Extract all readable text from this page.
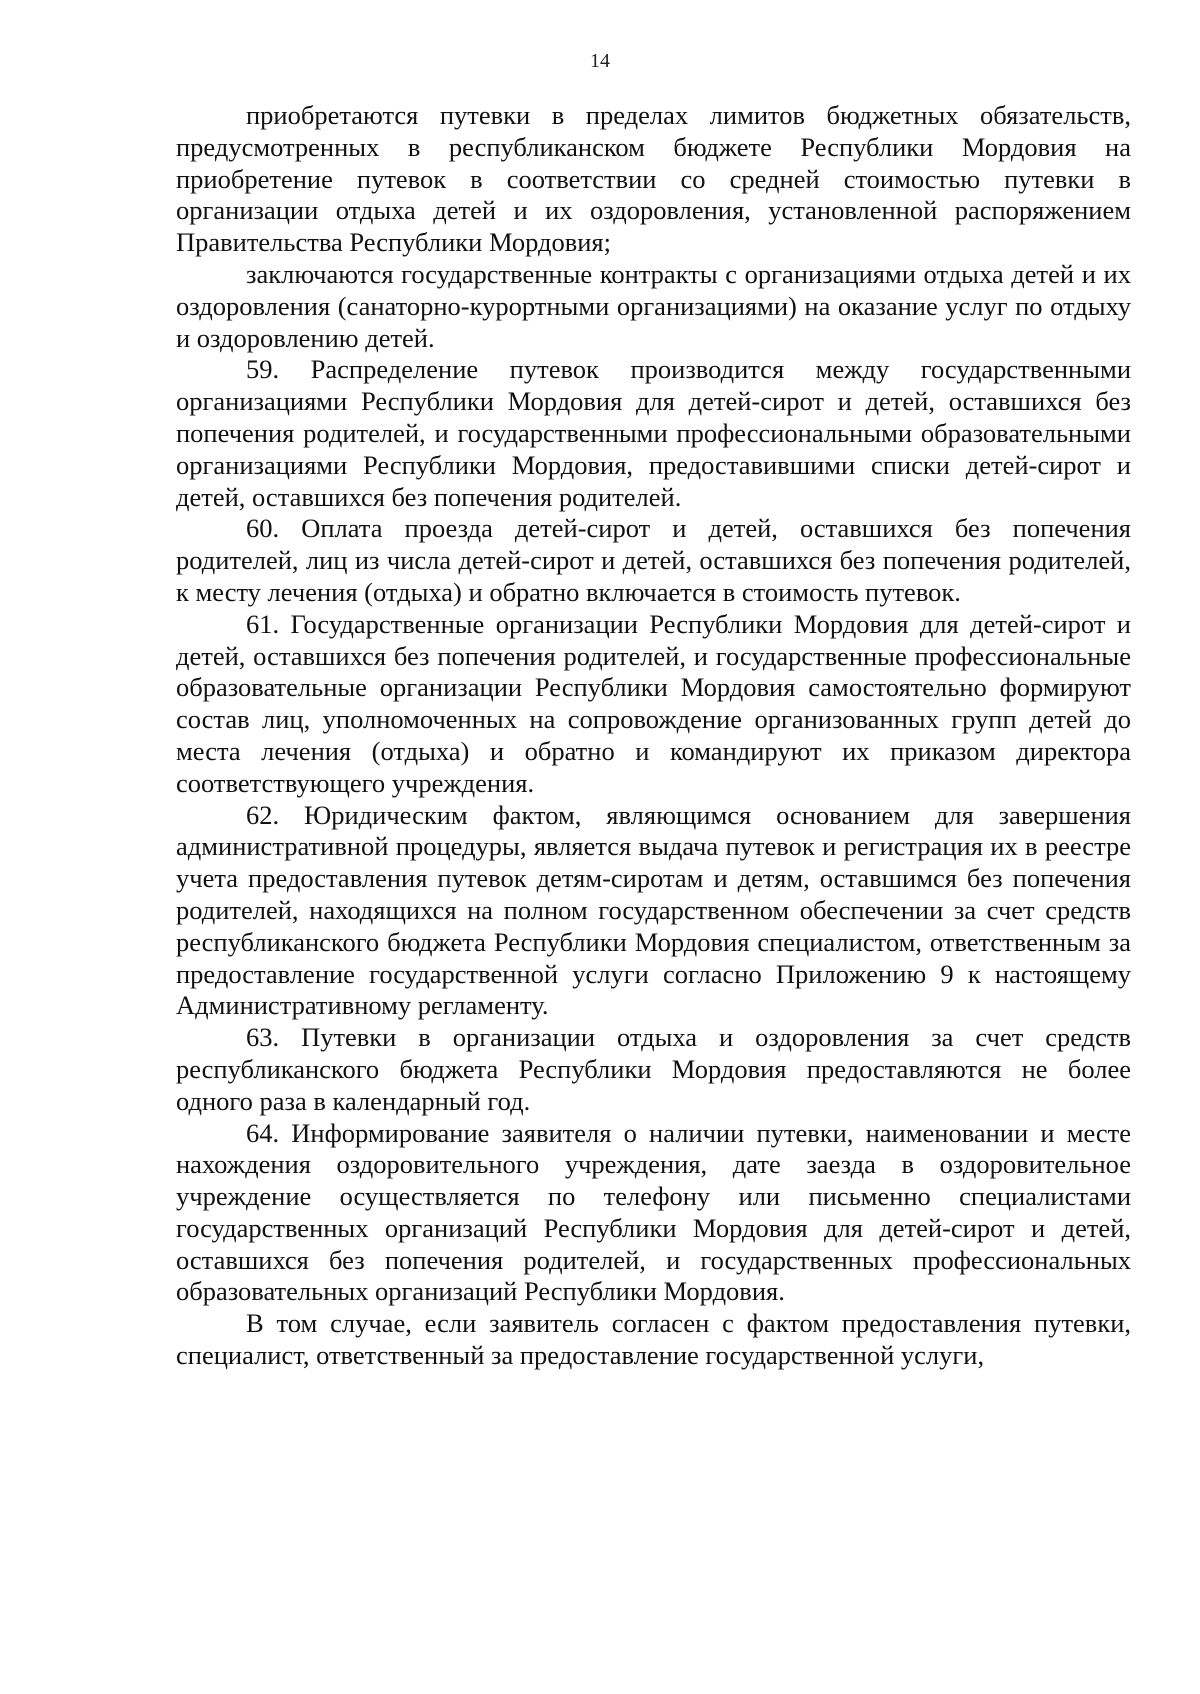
14

приобретаются путевки в пределах лимитов бюджетных обязательств, предусмотренных в республиканском бюджете Республики Мордовия на приобретение путевок в соответствии со средней стоимостью путевки в организации отдыха детей и их оздоровления, установленной распоряжением Правительства Республики Мордовия;

заключаются государственные контракты с организациями отдыха детей и их оздоровления (санаторно-курортными организациями) на оказание услуг по отдыху и оздоровлению детей.

59. Распределение путевок производится между государственными организациями Республики Мордовия для детей-сирот и детей, оставшихся без попечения родителей, и государственными профессиональными образовательными организациями Республики Мордовия, предоставившими списки детей-сирот и детей, оставшихся без попечения родителей.

60. Оплата проезда детей-сирот и детей, оставшихся без попечения родителей, лиц из числа детей-сирот и детей, оставшихся без попечения родителей, к месту лечения (отдыха) и обратно включается в стоимость путевок.

61. Государственные организации Республики Мордовия для детей-сирот и детей, оставшихся без попечения родителей, и государственные профессиональные образовательные организации Республики Мордовия самостоятельно формируют состав лиц, уполномоченных на сопровождение организованных групп детей до места лечения (отдыха) и обратно и командируют их приказом директора соответствующего учреждения.

62. Юридическим фактом, являющимся основанием для завершения административной процедуры, является выдача путевок и регистрация их в реестре учета предоставления путевок детям-сиротам и детям, оставшимся без попечения родителей, находящихся на полном государственном обеспечении за счет средств республиканского бюджета Республики Мордовия специалистом, ответственным за предоставление государственной услуги согласно Приложению 9 к настоящему Административному регламенту.

63. Путевки в организации отдыха и оздоровления за счет средств республиканского бюджета Республики Мордовия предоставляются не более одного раза в календарный год.

64. Информирование заявителя о наличии путевки, наименовании и месте нахождения оздоровительного учреждения, дате заезда в оздоровительное учреждение осуществляется по телефону или письменно специалистами государственных организаций Республики Мордовия для детей-сирот и детей, оставшихся без попечения родителей, и государственных профессиональных образовательных организаций Республики Мордовия.

В том случае, если заявитель согласен с фактом предоставления путевки, специалист, ответственный за предоставление государственной услуги,
